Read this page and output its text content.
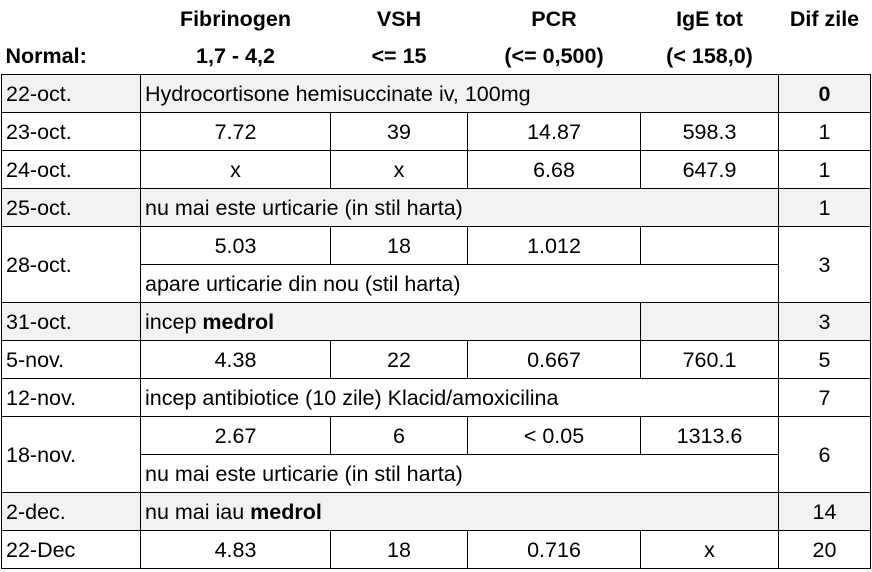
	Fibrinogen	VSH	PCR	IgE tot	Dif zile
Normal:	1,7 - 4,2	<= 15	(<= 0,500)	(< 158,0)	
22-oct.	Hydrocortisone hemisuccinate iv, 100mg				0
23-oct.	7.72	39	14.87	598.3	1
24-oct.	x	x	6.68	647.9	1
25-oct.	nu mai este urticarie (in stil harta)				1
28-oct.	5.03	18	1.012		3
	apare urticarie din nou (stil harta)				
31-oct.	incep medrol				3
5-nov.	4.38	22	0.667	760.1	5
12-nov.	incep antibiotice (10 zile) Klacid/amoxicilina				7
18-nov.	2.67	6	< 0.05	1313.6	6
	nu mai este urticarie (in stil harta)				
2-dec.	nu mai iau medrol				14
22-Dec	4.83	18	0.716	x	20
